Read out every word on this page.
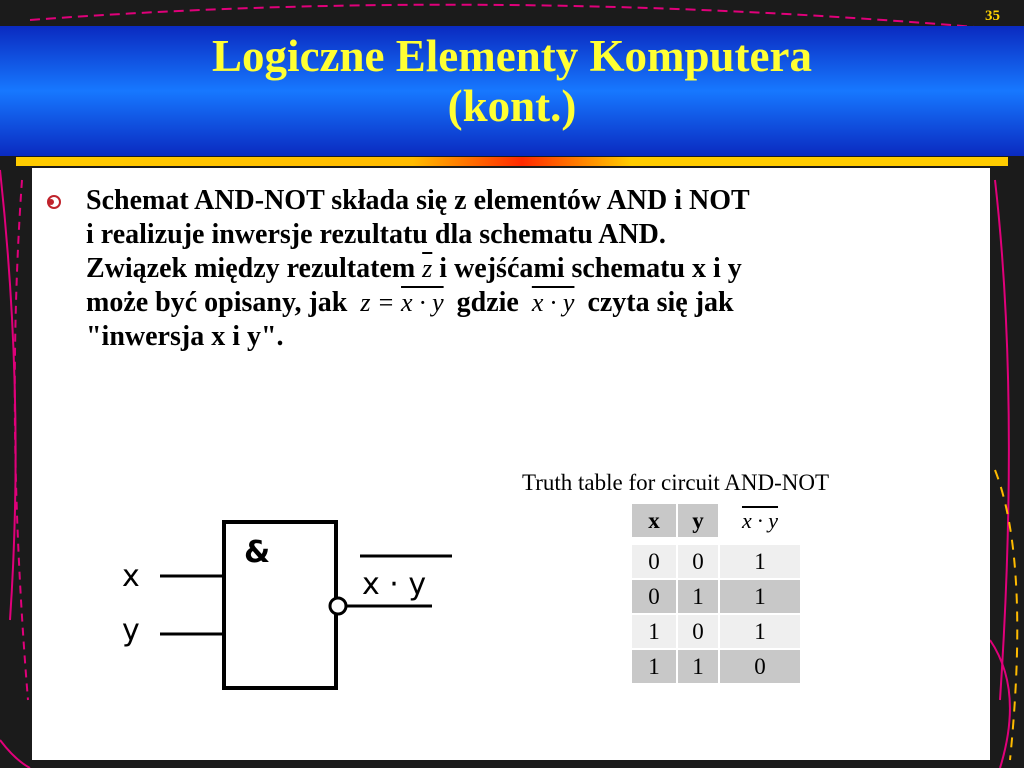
35
Logiczne Elementy Komputera
(kont.)
Schemat AND-NOT składa się z elementów AND i NOT
i realizuje inwersje rezultatu dla schematu AND.
Związek między rezultatem $\overline{z}$ i wejśćami schematu x i y
może być opisany, jak z = x · y gdzie x · y czyta się jak
"inwersja x i y".
x
y
&
x · y
Truth table for circuit AND-NOT
x	y	x · y

0	0	1
0	1	1
1	0	1
1	1	0
